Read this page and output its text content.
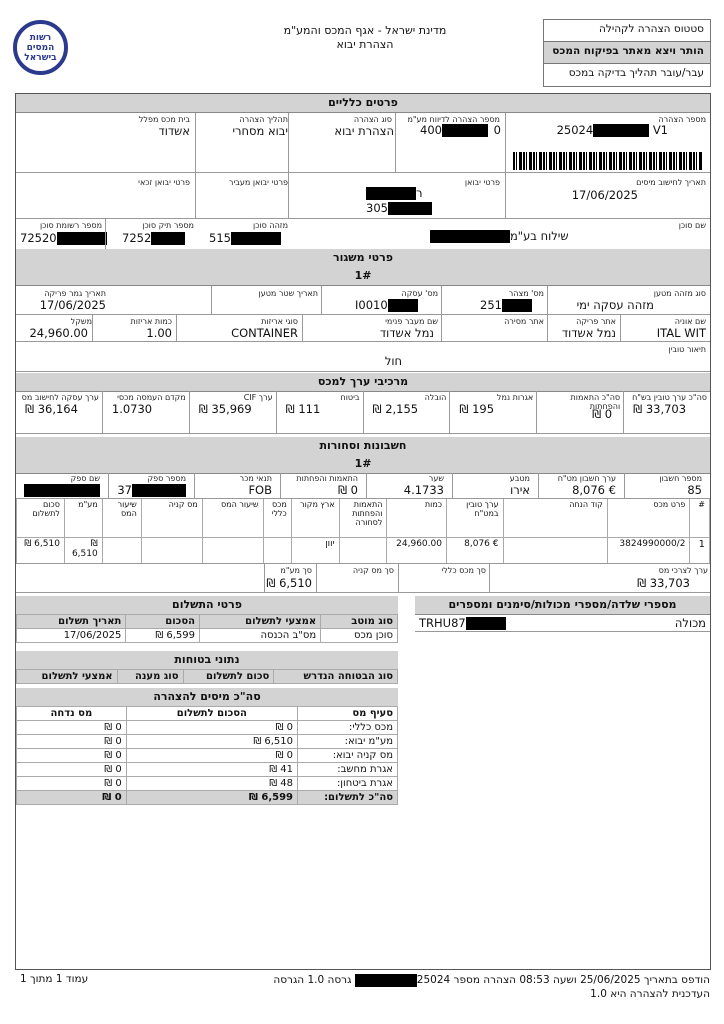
רשות המסים בישראל
מדינת ישראל - אגף המכס והמע"מ
הצהרת יבוא
סטטוס הצהרה לקהילה
הותר ויצא מאתר בפיקוח המכס
עבר/עובר תהליך בדיקה במכס
פרטים כלליים
מספר הצהרה
0	25024	V1
מספר הצהרה לדיווח מע"מ
400
סוג הצהרה
הצהרת יבוא
תהליך הצהרה
יבוא מסחרי
בית מכס מפלל
אשדוד
תאריך לחישוב מיסים
17/06/2025
פרטי יבואן
ר
305
פרטי יבואן מעביר
פרטי יבואן זכאי
שם סוכן
שילוח בע"מ
מזהה סוכן
515
מספר תיק סוכן
7252
מספר רשומת סוכן
72520
פרטי משגור
1#
סוג מזהה מטען
מזהה עסקה ימי
מס' מצהר
251
מס' עסקה
I0010
תאריך שטר מטען
תאריך גמר פריקה
17/06/2025
שם אוניה
ITAL WIT
אתר פריקה
נמל אשדוד
אתר מסירה
נמל אשדוד
שם מעבר פנימי
סוגי אריזות
CONTAINER
כמות אריזות
1.00
משקל
24,960.00
תיאור טובין
חול
מרכיבי ערך למכס
סה"כ ערך טובין בש"ח
33,703 ₪
סה"כ התאמות והפחתות
0 ₪
אגרות נמל
195 ₪
הובלה
2,155 ₪
ביטוח
111 ₪
ערך CIF
35,969 ₪
מקדם העמסה מכסי
1.0730
ערך עסקה לחישוב מס
36,164 ₪
חשבונות וסחורות
1#
מספר חשבון
85
ערך חשבון מט"ח
€ 8,076
מטבע
אירו
שער
4.1733
התאמות והפחתות
0 ₪
תנאי מכר
FOB
מספר ספק
37
שם ספק
#	פרט מכס	קוד הנחה	ערך טובין במט"ח	כמות	התאמות והפחתות לסחורה	ארץ מקור	מכס כללי	שיעור המס	מס קניה	שיעור המס	מע"מ	סכום לתשלום
1	3824990000/2		€ 8,076	24,960.00		יוון					₪ 6,510	6,510 ₪
ערך לצרכי מס
33,703 ₪
סך מכס כללי
סך מס קניה
סך מע"מ
6,510 ₪
מספרי שלדה/מספרי מכולות/סימנים ומספרים
מכולה
TRHU87
פרטי התשלום
סוג מוטב	אמצעי לתשלום	הסכום	תאריך תשלום
סוכן מכס	מס"ב הכנסה	6,599 ₪	17/06/2025
נתוני בטוחות
סוג הבטוחה הנדרש	סכום לתשלום	סוג מענה	אמצעי לתשלום
סה"כ מיסים להצהרה
סעיף מס	הסכום לתשלום	מס נדחה
מכס כללי:	0 ₪	0 ₪
מע"מ יבוא:	6,510 ₪	0 ₪
מס קניה יבוא:	0 ₪	0 ₪
אגרת מחשב:	41 ₪	0 ₪
אגרת ביטחון:	48 ₪	0 ₪
סה"כ לתשלום:	6,599 ₪	0 ₪
הודפס בתאריך 25/06/2025 ושעה 08:53 הצהרה מספר 25024 גרסה 1.0 הגרסה
העדכנית להצהרה היא 1.0
עמוד 1 מתוך 1
